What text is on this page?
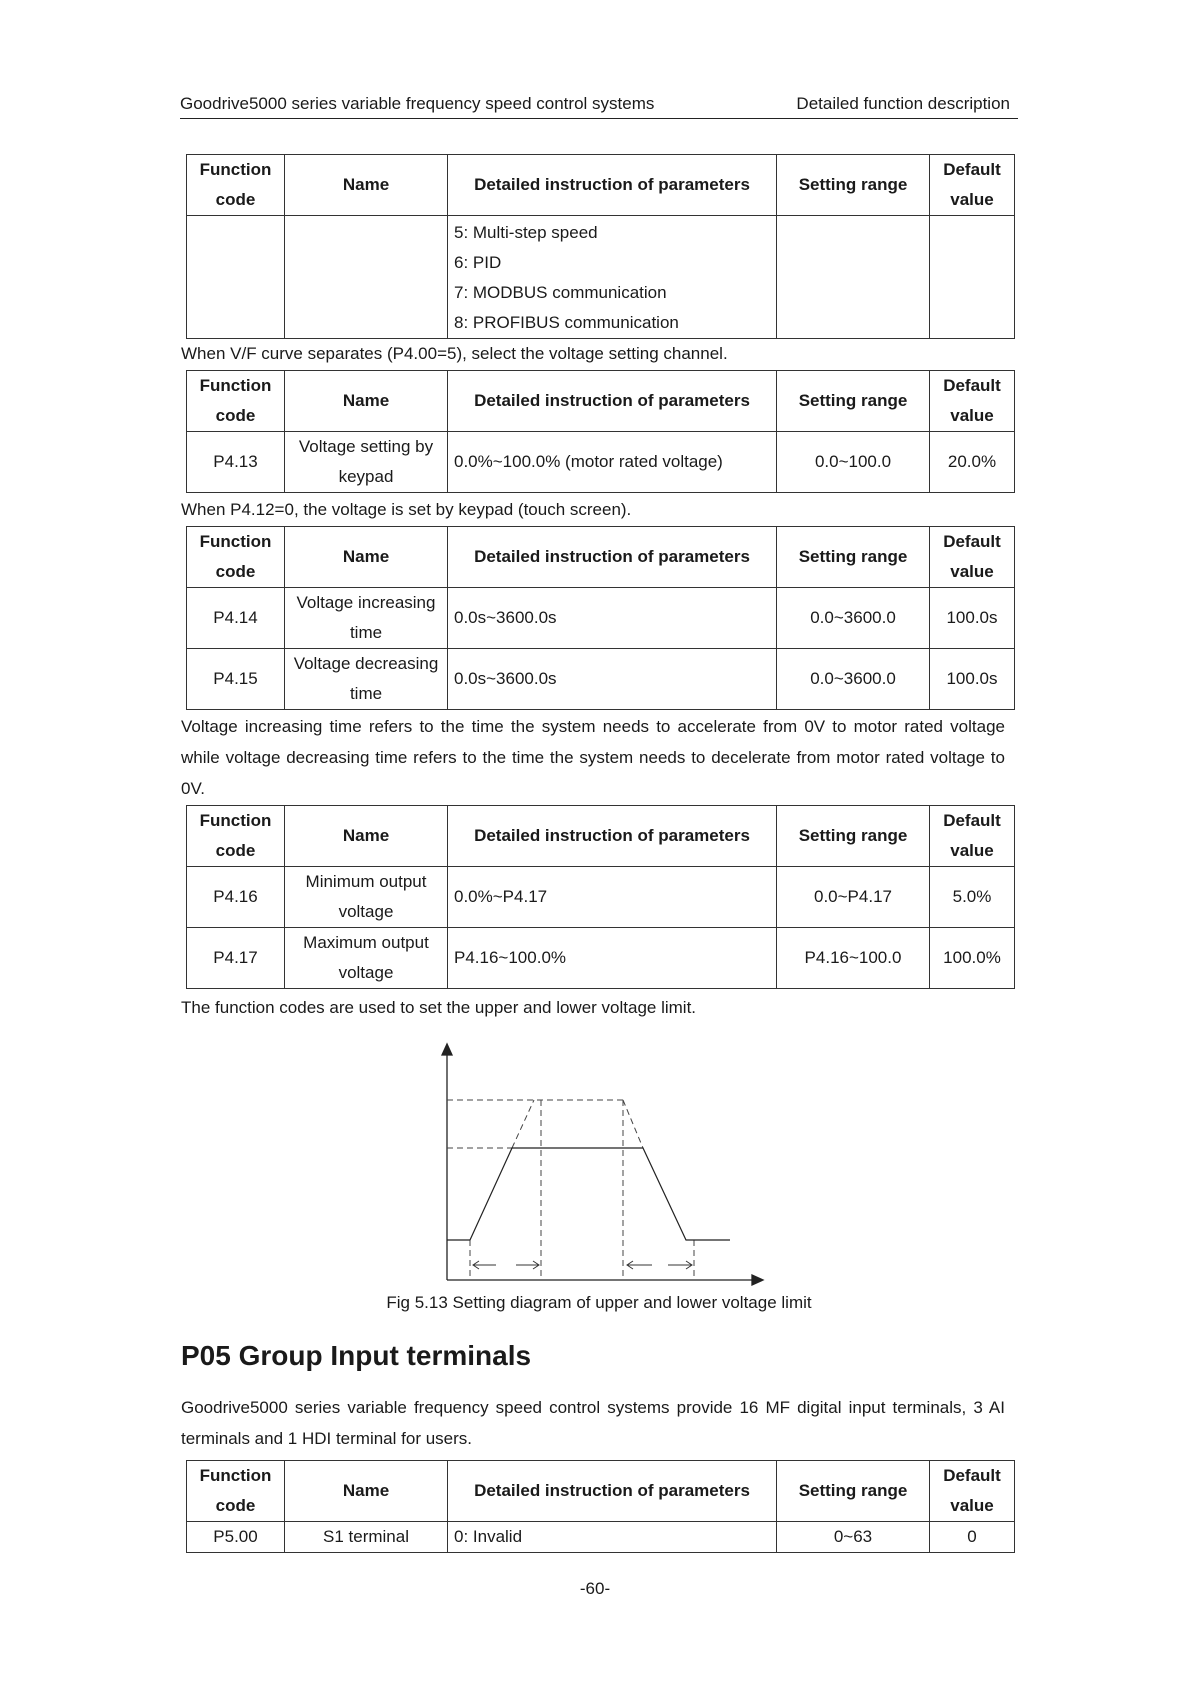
Goodrive5000 series variable frequency speed control systems	Detailed function description
Function code	Name	Detailed instruction of parameters	Setting range	Default value

		5: Multi-step speed
6: PID
7: MODBUS communication
8: PROFIBUS communication		

When V/F curve separates (P4.00=5), select the voltage setting channel.
Function code	Name	Detailed instruction of parameters	Setting range	Default value
P4.13	Voltage setting by keypad	0.0%~100.0% (motor rated voltage)	0.0~100.0	20.0%
When P4.12=0, the voltage is set by keypad (touch screen).
Function code	Name	Detailed instruction of parameters	Setting range	Default value
P4.14	Voltage increasing time	0.0s~3600.0s	0.0~3600.0	100.0s
P4.15	Voltage decreasing time	0.0s~3600.0s	0.0~3600.0	100.0s
Voltage increasing time refers to the time the system needs to accelerate from 0V to motor rated voltage while voltage decreasing time refers to the time the system needs to decelerate from motor rated voltage to 0V.
Function code	Name	Detailed instruction of parameters	Setting range	Default value
P4.16	Minimum output voltage	0.0%~P4.17	0.0~P4.17	5.0%
P4.17	Maximum output voltage	P4.16~100.0%	P4.16~100.0	100.0%
The function codes are used to set the upper and lower voltage limit.
Fig 5.13 Setting diagram of upper and lower voltage limit
P05 Group Input terminals
Goodrive5000 series variable frequency speed control systems provide 16 MF digital input terminals, 3 AI terminals and 1 HDI terminal for users.
Function code	Name	Detailed instruction of parameters	Setting range	Default value
P5.00	S1 terminal	0: Invalid	0~63	0
-60-
